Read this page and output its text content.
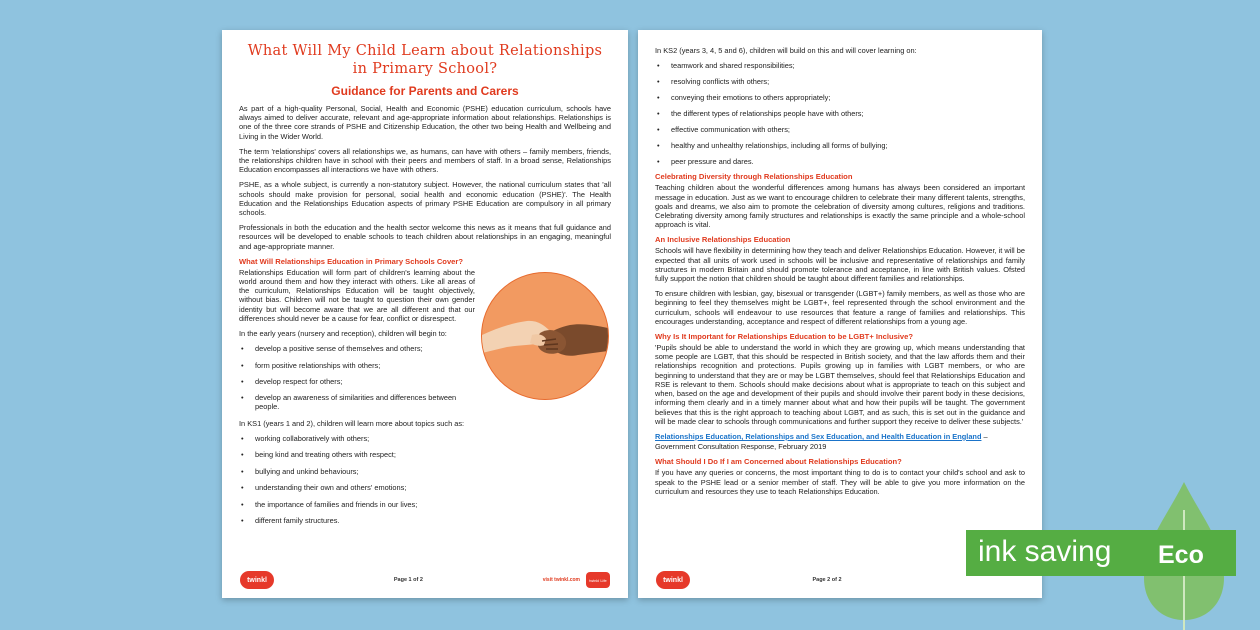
What Will My Child Learn about Relationships in Primary School?
Guidance for Parents and Carers

As part of a high-quality Personal, Social, Health and Economic (PSHE) education curriculum, schools have always aimed to deliver accurate, relevant and age-appropriate information about relationships. Relationships is one of the three core strands of PSHE and Citizenship Education, the other two being Health and Wellbeing and Living in the Wider World.

The term 'relationships' covers all relationships we, as humans, can have with others – family members, friends, the relationships children have in school with their peers and members of staff. In a broad sense, Relationships Education encompasses all interactions we have with others.

PSHE, as a whole subject, is currently a non-statutory subject. However, the national curriculum states that 'all schools should make provision for personal, social health and economic education (PSHE)'. The Health Education and the Relationships Education aspects of primary PSHE Education are compulsory in all primary schools.

Professionals in both the education and the health sector welcome this news as it means that full guidance and resources will be developed to enable schools to teach children about relationships in an engaging, meaningful and age-appropriate manner.

What Will Relationships Education in Primary Schools Cover?

Relationships Education will form part of children's learning about the world around them and how they interact with others. Like all areas of the curriculum, Relationships Education will be taught objectively, without bias. Children will not be taught to question their own gender identity but will become aware that we are all different and that our differences should never be a cause for fear, conflict or disrespect.

In the early years (nursery and reception), children will begin to:

• develop a positive sense of themselves and others;
• form positive relationships with others;
• develop respect for others;
• develop an awareness of similarities and differences between people.

In KS1 (years 1 and 2), children will learn more about topics such as:

• working collaboratively with others;
• being kind and treating others with respect;
• bullying and unkind behaviours;
• understanding their own and others' emotions;
• the importance of families and friends in our lives;
• different family structures.
twinkl	Page 1 of 2	visit twinkl.com	twinkl Life

In KS2 (years 3, 4, 5 and 6), children will build on this and will cover learning on:

• teamwork and shared responsibilities;
• resolving conflicts with others;
• conveying their emotions to others appropriately;
• the different types of relationships people have with others;
• effective communication with others;
• healthy and unhealthy relationships, including all forms of bullying;
• peer pressure and dares.
Celebrating Diversity through Relationships Education

Teaching children about the wonderful differences among humans has always been considered an important message in education. Just as we want to encourage children to celebrate their many different talents, strengths, goals and dreams, we also aim to promote the celebration of diversity among cultures, religions and traditions. Celebrating diversity among family structures and relationships is exactly the same principle and a whole-school approach is vital.

An Inclusive Relationships Education

Schools will have flexibility in determining how they teach and deliver Relationships Education. However, it will be expected that all units of work used in schools will be inclusive and representative of relationships and family structures in modern Britain and should promote tolerance and acceptance, in line with British values. Ofsted fully support the notion that children should be taught about different families and relationships.

To ensure children with lesbian, gay, bisexual or transgender (LGBT+) family members, as well as those who are beginning to feel they themselves might be LGBT+, feel represented through the school environment and the curriculum, schools will endeavour to use resources that feature a range of families and relationships. This encourages understanding, acceptance and respect of different relationships from a young age.

Why Is It Important for Relationships Education to be LGBT+ Inclusive?

'Pupils should be able to understand the world in which they are growing up, which means understanding that some people are LGBT, that this should be respected in British society, and that the law affords them and their relationships recognition and protections. Pupils growing up in families with LGBT members, or who are beginning to understand that they are or may be LGBT themselves, should feel that Relationships Education and RSE is relevant to them. Schools should make decisions about what is appropriate to teach on this subject and when, based on the age and development of their pupils and should involve their parent body in these decisions, informing them clearly and in a timely manner about what and how their pupils will be taught. The government believes that this is the right approach to teaching about LGBT, and as such, this is set out in the guidance and will be made clear to schools through communications and further support they receive to deliver these subjects.'

Relationships Education, Relationships and Sex Education, and Health Education in England –

Government Consultation Response, February 2019

What Should I Do If I am Concerned about Relationships Education?

If you have any queries or concerns, the most important thing to do is to contact your child's school and ask to speak to the PSHE lead or a senior member of staff. They will be able to give you more information on the curriculum and resources they use to teach Relationships Education.

twinkl	Page 2 of 2
ink saving Eco
